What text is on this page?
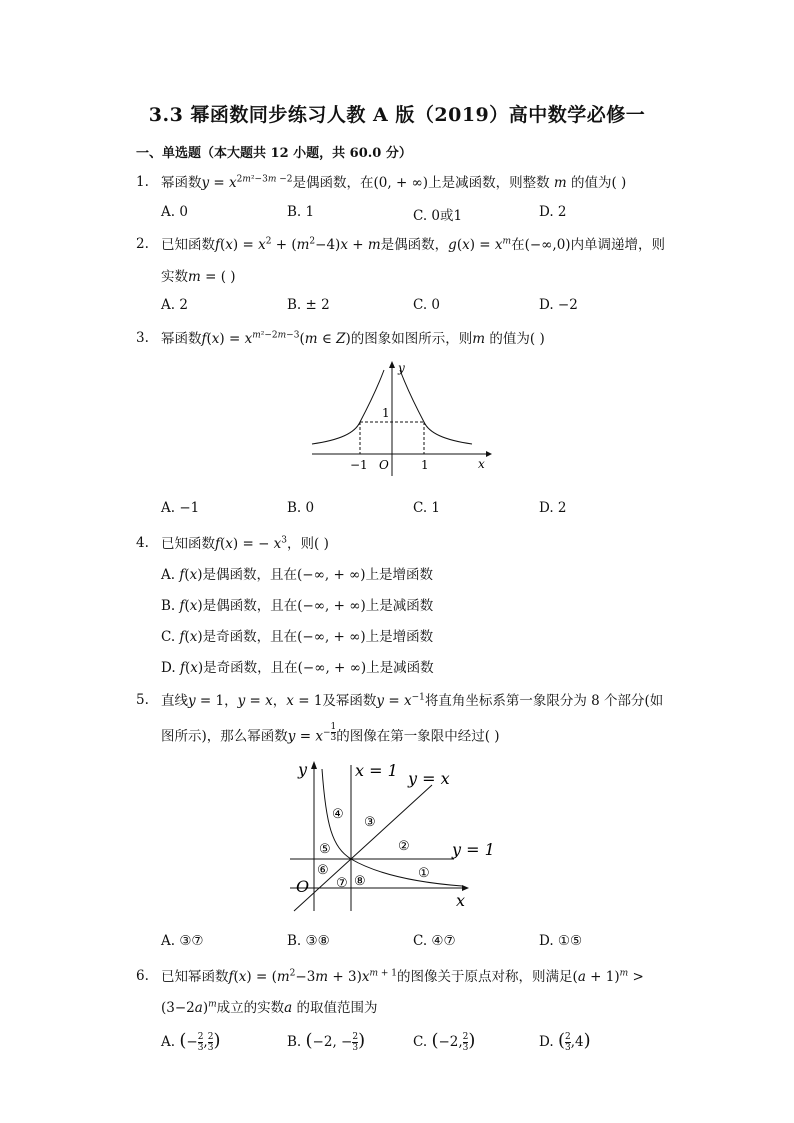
3.3 幂函数同步练习人教 A 版（2019）高中数学必修一
一、单选题（本大题共 12 小题，共 60.0 分）
1. 幂函数$y = x^{2m^2-3m -2}$是偶函数，在(0, + ∞)上是减函数，则整数 m 的值为( )
A. 0	B. 1	C. 0或1	D. 2
2. 已知函数$f(x) = x^2 + (m^2-4)x + m$是偶函数，$g(x) = x^m$在(−∞,0)内单调递增，则
实数m = ( )
A. 2	B. ± 2	C. 0	D. −2
3. 幂函数$f(x) = x^{m^2-2m-3}(m$ ∈ Z)的图象如图所示，则m 的值为( )
y
x
1
−1 O	1
A. −1	B. 0	C. 1	D. 2
4. 已知函数f(x) = − $x^3$，则( )
A. f(x)是偶函数，且在(−∞, + ∞)上是增函数
B. f(x)是偶函数，且在(−∞, + ∞)上是减函数
C. f(x)是奇函数，且在(−∞, + ∞)上是增函数
D. f(x)是奇函数，且在(−∞, + ∞)上是减函数
5. 直线y = 1，y = x，x = 1及幂函数$y = x^{-1}$将直角坐标系第一象限分为 8 个部分(如
图所示)，那么幂函数$y = x^{- \frac{1}{3}}$ 的图像在第一象限中经过( )
y
x
O
x = 1 y = x
y = 1
①
②
③
④
⑤
⑥
⑦ ⑧
A. ③⑦	B. ③⑧	C. ④⑦	D. ①⑤
6. 已知幂函数$f(x) = (m^2-3m + 3)x^{m + 1}$的图像关于原点对称，则满足$(a + 1)^m$ >
$(3-2a)^m$成立的实数a 的取值范围为
A. (− $\frac{2}{3}$ , $\frac{2}{3}$ )	B. (−2, − $\frac{2}{3}$ )	C. (−2, $\frac{2}{3}$ )	D. ( $\frac{2}{3} ,4$)
